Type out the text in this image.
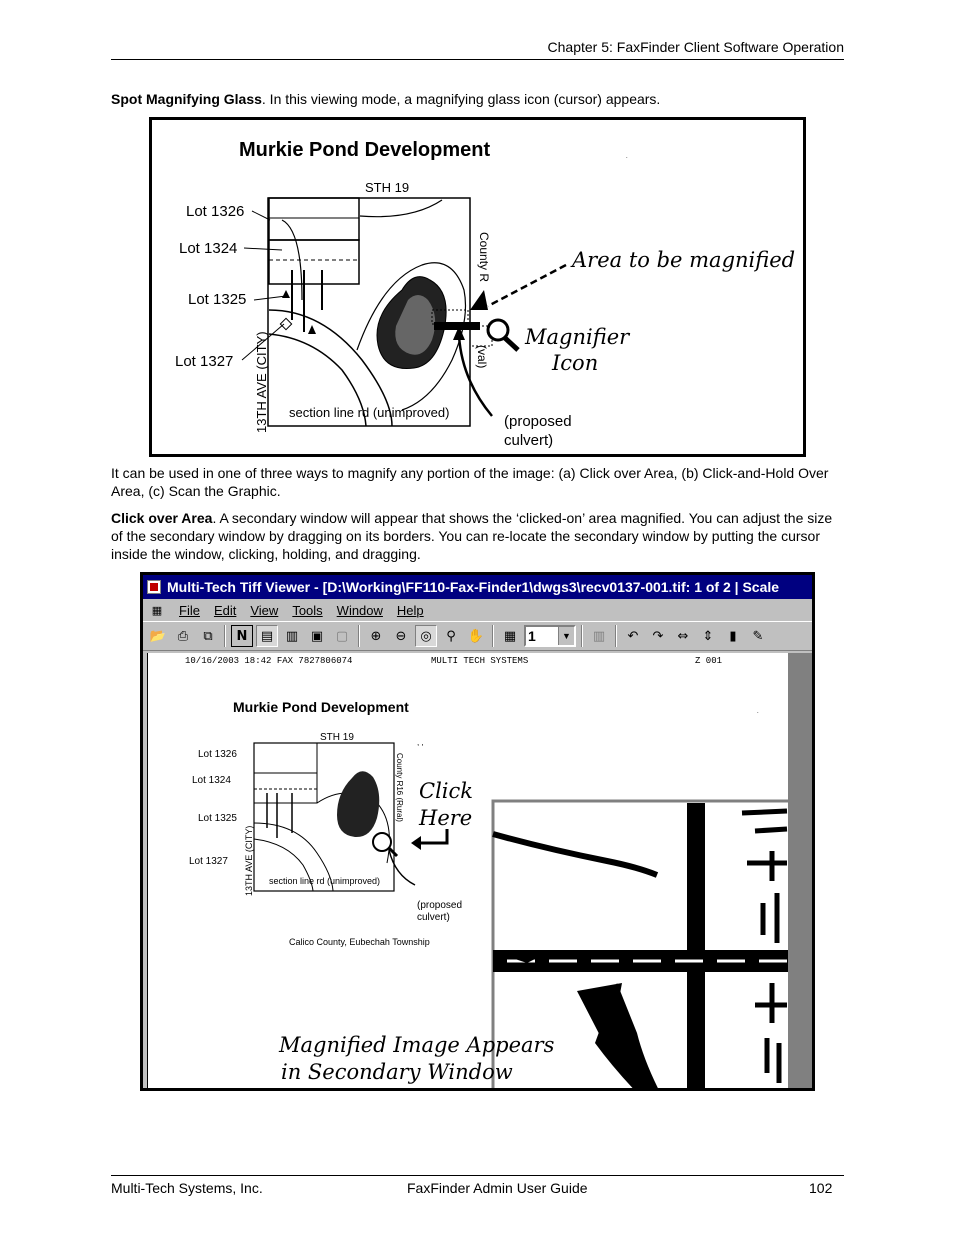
Chapter 5: FaxFinder Client Software Operation
Spot Magnifying Glass. In this viewing mode, a magnifying glass icon (cursor) appears.
Murkie Pond Development
STH 19
County R
(val)
13TH AVE (CITY) section line rd (unimproved)
Lot 1326
Lot 1324
Lot 1325
Lot 1327
Area to be magnified
Magnifier
Icon
(proposed
culvert)
.
It can be used in one of three ways to magnify any portion of the image: (a) Click over Area, (b) Click-and-Hold Over Area, (c) Scan the Graphic.
Click over Area. A secondary window will appear that shows the ‘clicked-on’ area magnified. You can adjust the size of the secondary window by dragging on its borders. You can re-locate the secondary window by putting the cursor inside the window, clicking, holding, and dragging.
Multi-Tech Tiff Viewer - [D:\Working\FF110-Fax-Finder1\dwgs3\recv0137-001.tif: 1 of 2 | Scale
▦ File Edit View Tools Window Help
📂 ⎙	⧉	N	▤ ▥ ▣ ▢	⊕	⊖	◎	⚲ ✋	▦ 1	▼	▥	↶	↷	⇔	⇕	▮	✎
10/16/2003 18:42 FAX 7827806074	MULTI TECH SYSTEMS	Z 001
Murkie Pond Development
STH 19	, ,
.
County R16 (Rural)
13TH AVE (CITY) section line rd (unimproved)
Lot 1326
Lot 1324
Lot 1325
Lot 1327
(proposed
culvert)
Calico County, Eubechah Township
Click
Here
Magnified Image Appears
in Secondary Window
Multi-Tech Systems, Inc.	FaxFinder Admin User Guide	102
